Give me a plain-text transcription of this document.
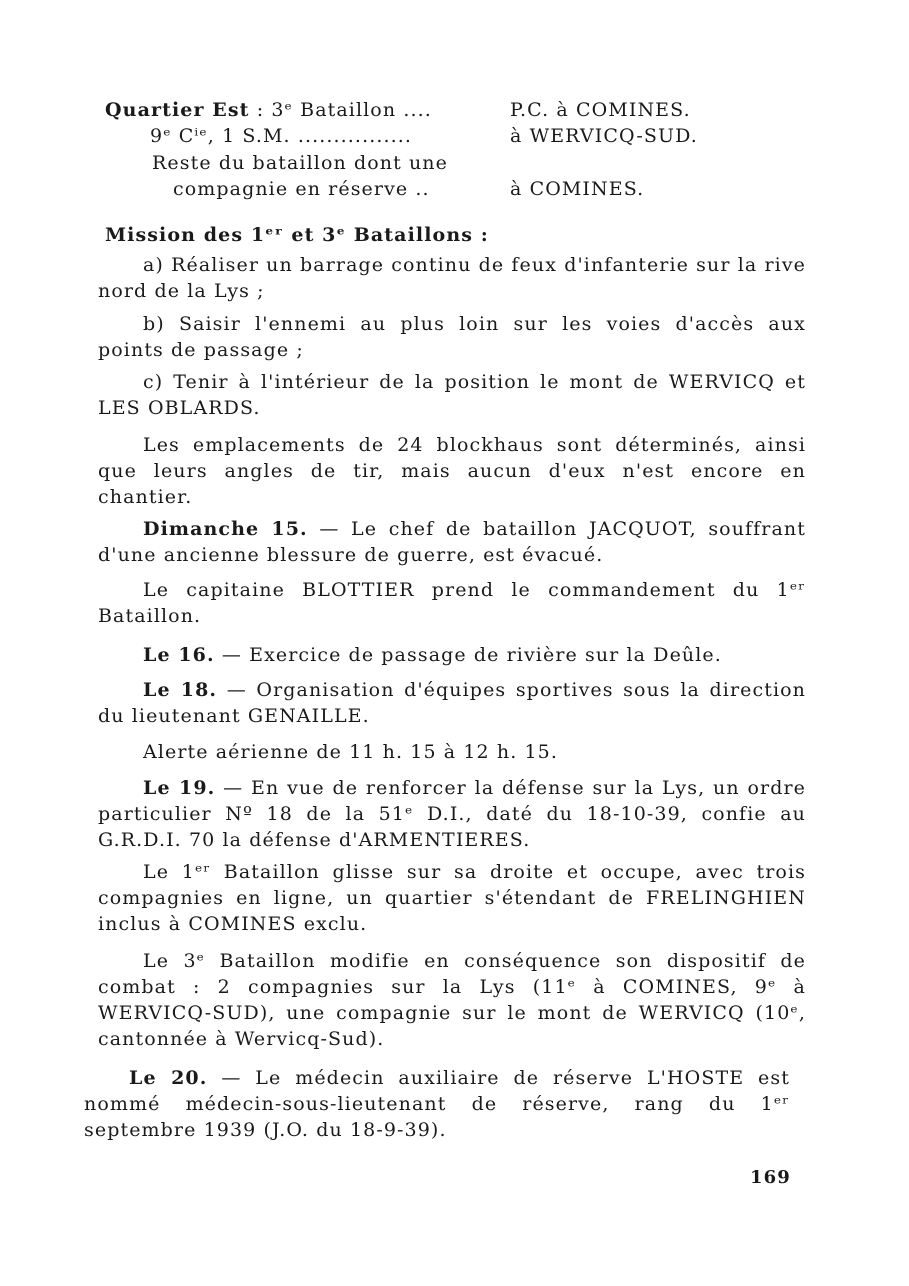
Quartier Est : 3ᵉ Bataillon ....	P.C. à COMINES.
9ᵉ Cⁱᵉ, 1 S.M. ................	à WERVICQ-SUD.
Reste du bataillon dont une
compagnie en réserve ..	à COMINES.
Mission des 1ᵉʳ et 3ᵉ Bataillons :

a) Réaliser un barrage continu de feux d'infanterie sur la rive nord de la Lys ;

b) Saisir l'ennemi au plus loin sur les voies d'accès aux points de passage ;

c) Tenir à l'intérieur de la position le mont de WERVICQ et LES OBLARDS.

Les emplacements de 24 blockhaus sont déterminés, ainsi que leurs angles de tir, mais aucun d'eux n'est encore en chantier.

Dimanche 15. — Le chef de bataillon JACQUOT, souffrant d'une ancienne blessure de guerre, est évacué.

Le capitaine BLOTTIER prend le commandement du 1ᵉʳ Bataillon.

Le 16. — Exercice de passage de rivière sur la Deûle.

Le 18. — Organisation d'équipes sportives sous la direction du lieutenant GENAILLE.

Alerte aérienne de 11 h. 15 à 12 h. 15.

Le 19. — En vue de renforcer la défense sur la Lys, un ordre particulier Nº 18 de la 51ᵉ D.I., daté du 18-10-39, confie au G.R.D.I. 70 la défense d'ARMENTIERES.

Le 1ᵉʳ Bataillon glisse sur sa droite et occupe, avec trois compagnies en ligne, un quartier s'étendant de FRELINGHIEN inclus à COMINES exclu.

Le 3ᵉ Bataillon modifie en conséquence son dispositif de combat : 2 compagnies sur la Lys (11ᵉ à COMINES, 9ᵉ à WERVICQ-SUD), une compagnie sur le mont de WERVICQ (10ᵉ, cantonnée à Wervicq-Sud).

Le 20. — Le médecin auxiliaire de réserve L'HOSTE est nommé médecin-sous-lieutenant de réserve, rang du 1ᵉʳ septembre 1939 (J.O. du 18-9-39).

169
